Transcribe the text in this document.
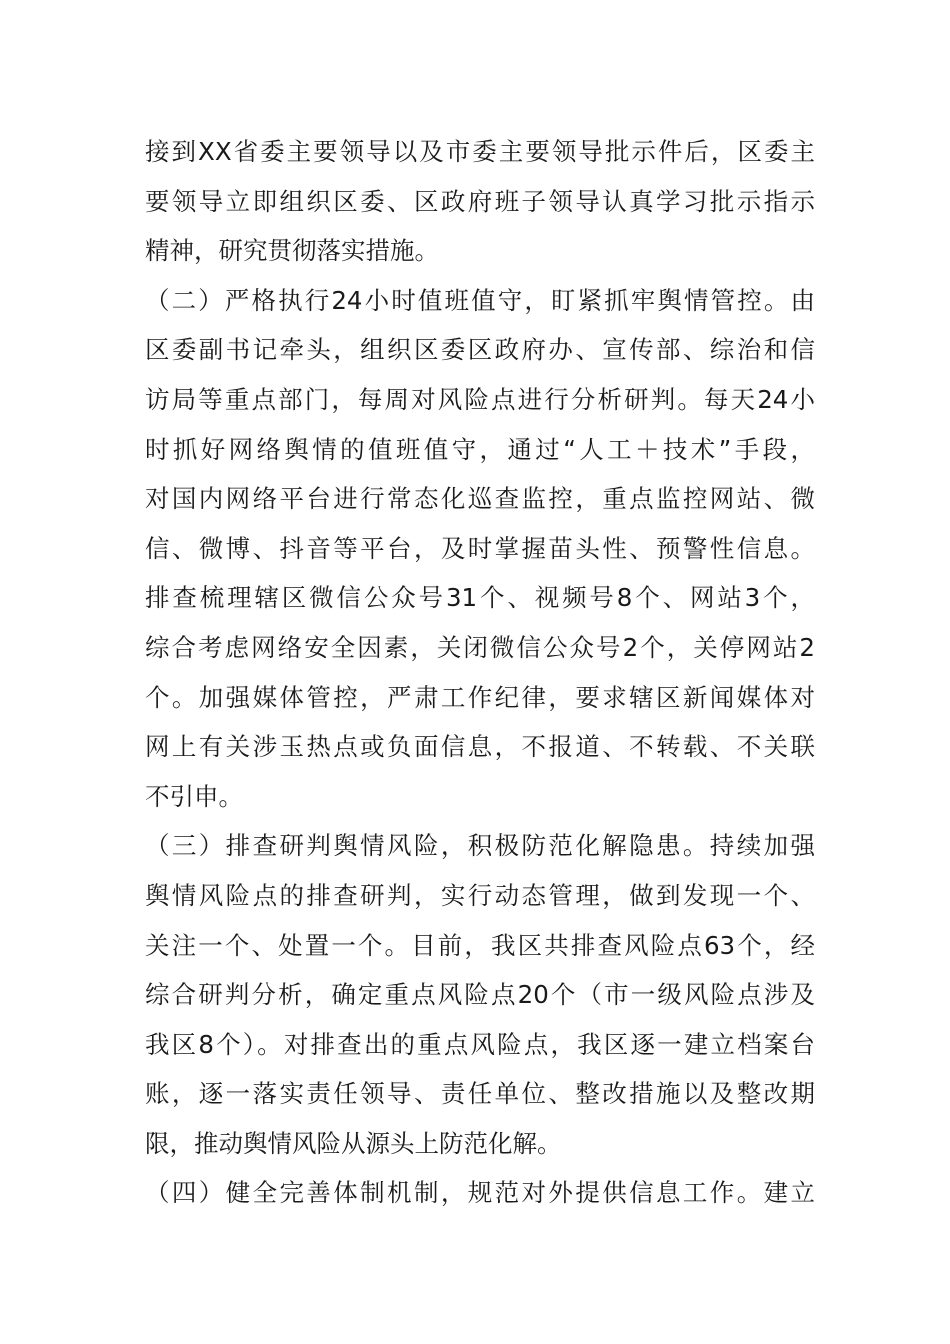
接到XX省委主要领导以及市委主要领导批示件后，区委主
要领导立即组织区委、区政府班子领导认真学习批示指示
精神，研究贯彻落实措施。
（二）严格执行24小时值班值守，盯紧抓牢舆情管控。由
区委副书记牵头，组织区委区政府办、宣传部、综治和信
访局等重点部门，每周对风险点进行分析研判。每天24小
时抓好网络舆情的值班值守，通过“人工＋技术”手段，
对国内网络平台进行常态化巡查监控，重点监控网站、微
信、微博、抖音等平台，及时掌握苗头性、预警性信息。
排查梳理辖区微信公众号31个、视频号8个、网站3个，
综合考虑网络安全因素，关闭微信公众号2个，关停网站2
个。加强媒体管控，严肃工作纪律，要求辖区新闻媒体对
网上有关涉玉热点或负面信息，不报道、不转载、不关联
不引申。
（三）排查研判舆情风险，积极防范化解隐患。持续加强
舆情风险点的排查研判，实行动态管理，做到发现一个、
关注一个、处置一个。目前，我区共排查风险点63个，经
综合研判分析，确定重点风险点20个（市一级风险点涉及
我区8个）。对排查出的重点风险点，我区逐一建立档案台
账，逐一落实责任领导、责任单位、整改措施以及整改期
限，推动舆情风险从源头上防范化解。
（四）健全完善体制机制，规范对外提供信息工作。建立
